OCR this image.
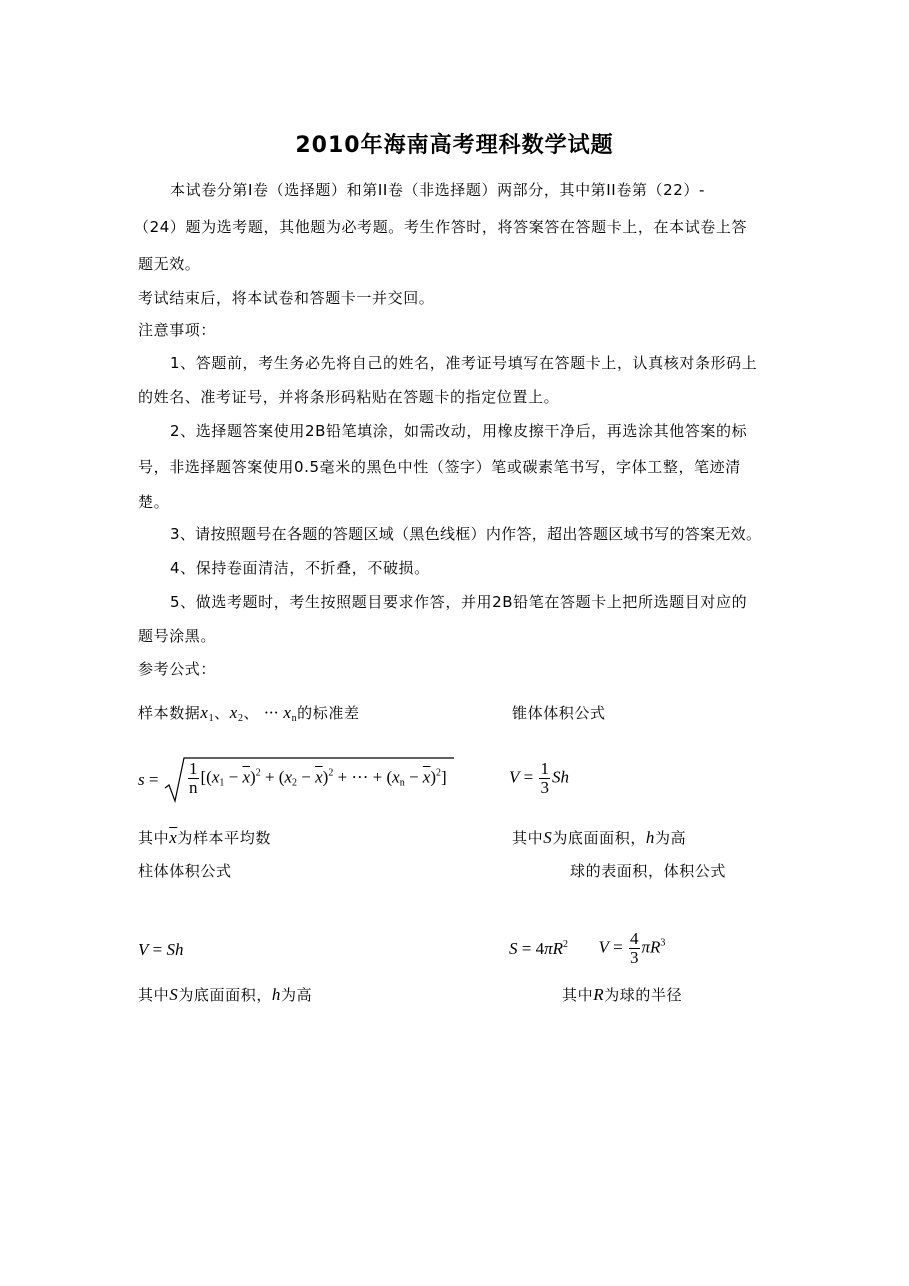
2010年海南高考理科数学试题
本试卷分第I卷（选择题）和第II卷（非选择题）两部分，其中第II卷第（22）-
（24）题为选考题，其他题为必考题。考生作答时，将答案答在答题卡上，在本试卷上答
题无效。
考试结束后，将本试卷和答题卡一并交回。
注意事项：
1、答题前，考生务必先将自己的姓名，准考证号填写在答题卡上，认真核对条形码上
的姓名、准考证号，并将条形码粘贴在答题卡的指定位置上。
2、选择题答案使用2B铅笔填涂，如需改动，用橡皮擦干净后，再选涂其他答案的标
号，非选择题答案使用0.5毫米的黑色中性（签字）笔或碳素笔书写，字体工整，笔迹清
楚。
3、请按照题号在各题的答题区域（黑色线框）内作答，超出答题区域书写的答案无效。
4、保持卷面清洁，不折叠，不破损。
5、做选考题时，考生按照题目要求作答，并用2B铅笔在答题卡上把所选题目对应的
题号涂黑。
参考公式：
样本数据$x_1$、$x_2$、 ··· $x_n$的标准差	锥体体积公式
$s = \frac{1}{n} [(x_1 - \overline{x})^2 + (x_2 - \overline{x})^2$ + ··· + $(x_n - \overline{x})^2$]	$V = \frac{1}{3}$ Sh
其中$\overline{x}$为样本平均数	其中S为底面面积，h为高
柱体体积公式	球的表面积，体积公式
V = Sh	$S = 4\pi R^2$ $V = \frac{4}{3} \pi R^3$
其中S为底面面积，h为高	其中R为球的半径
